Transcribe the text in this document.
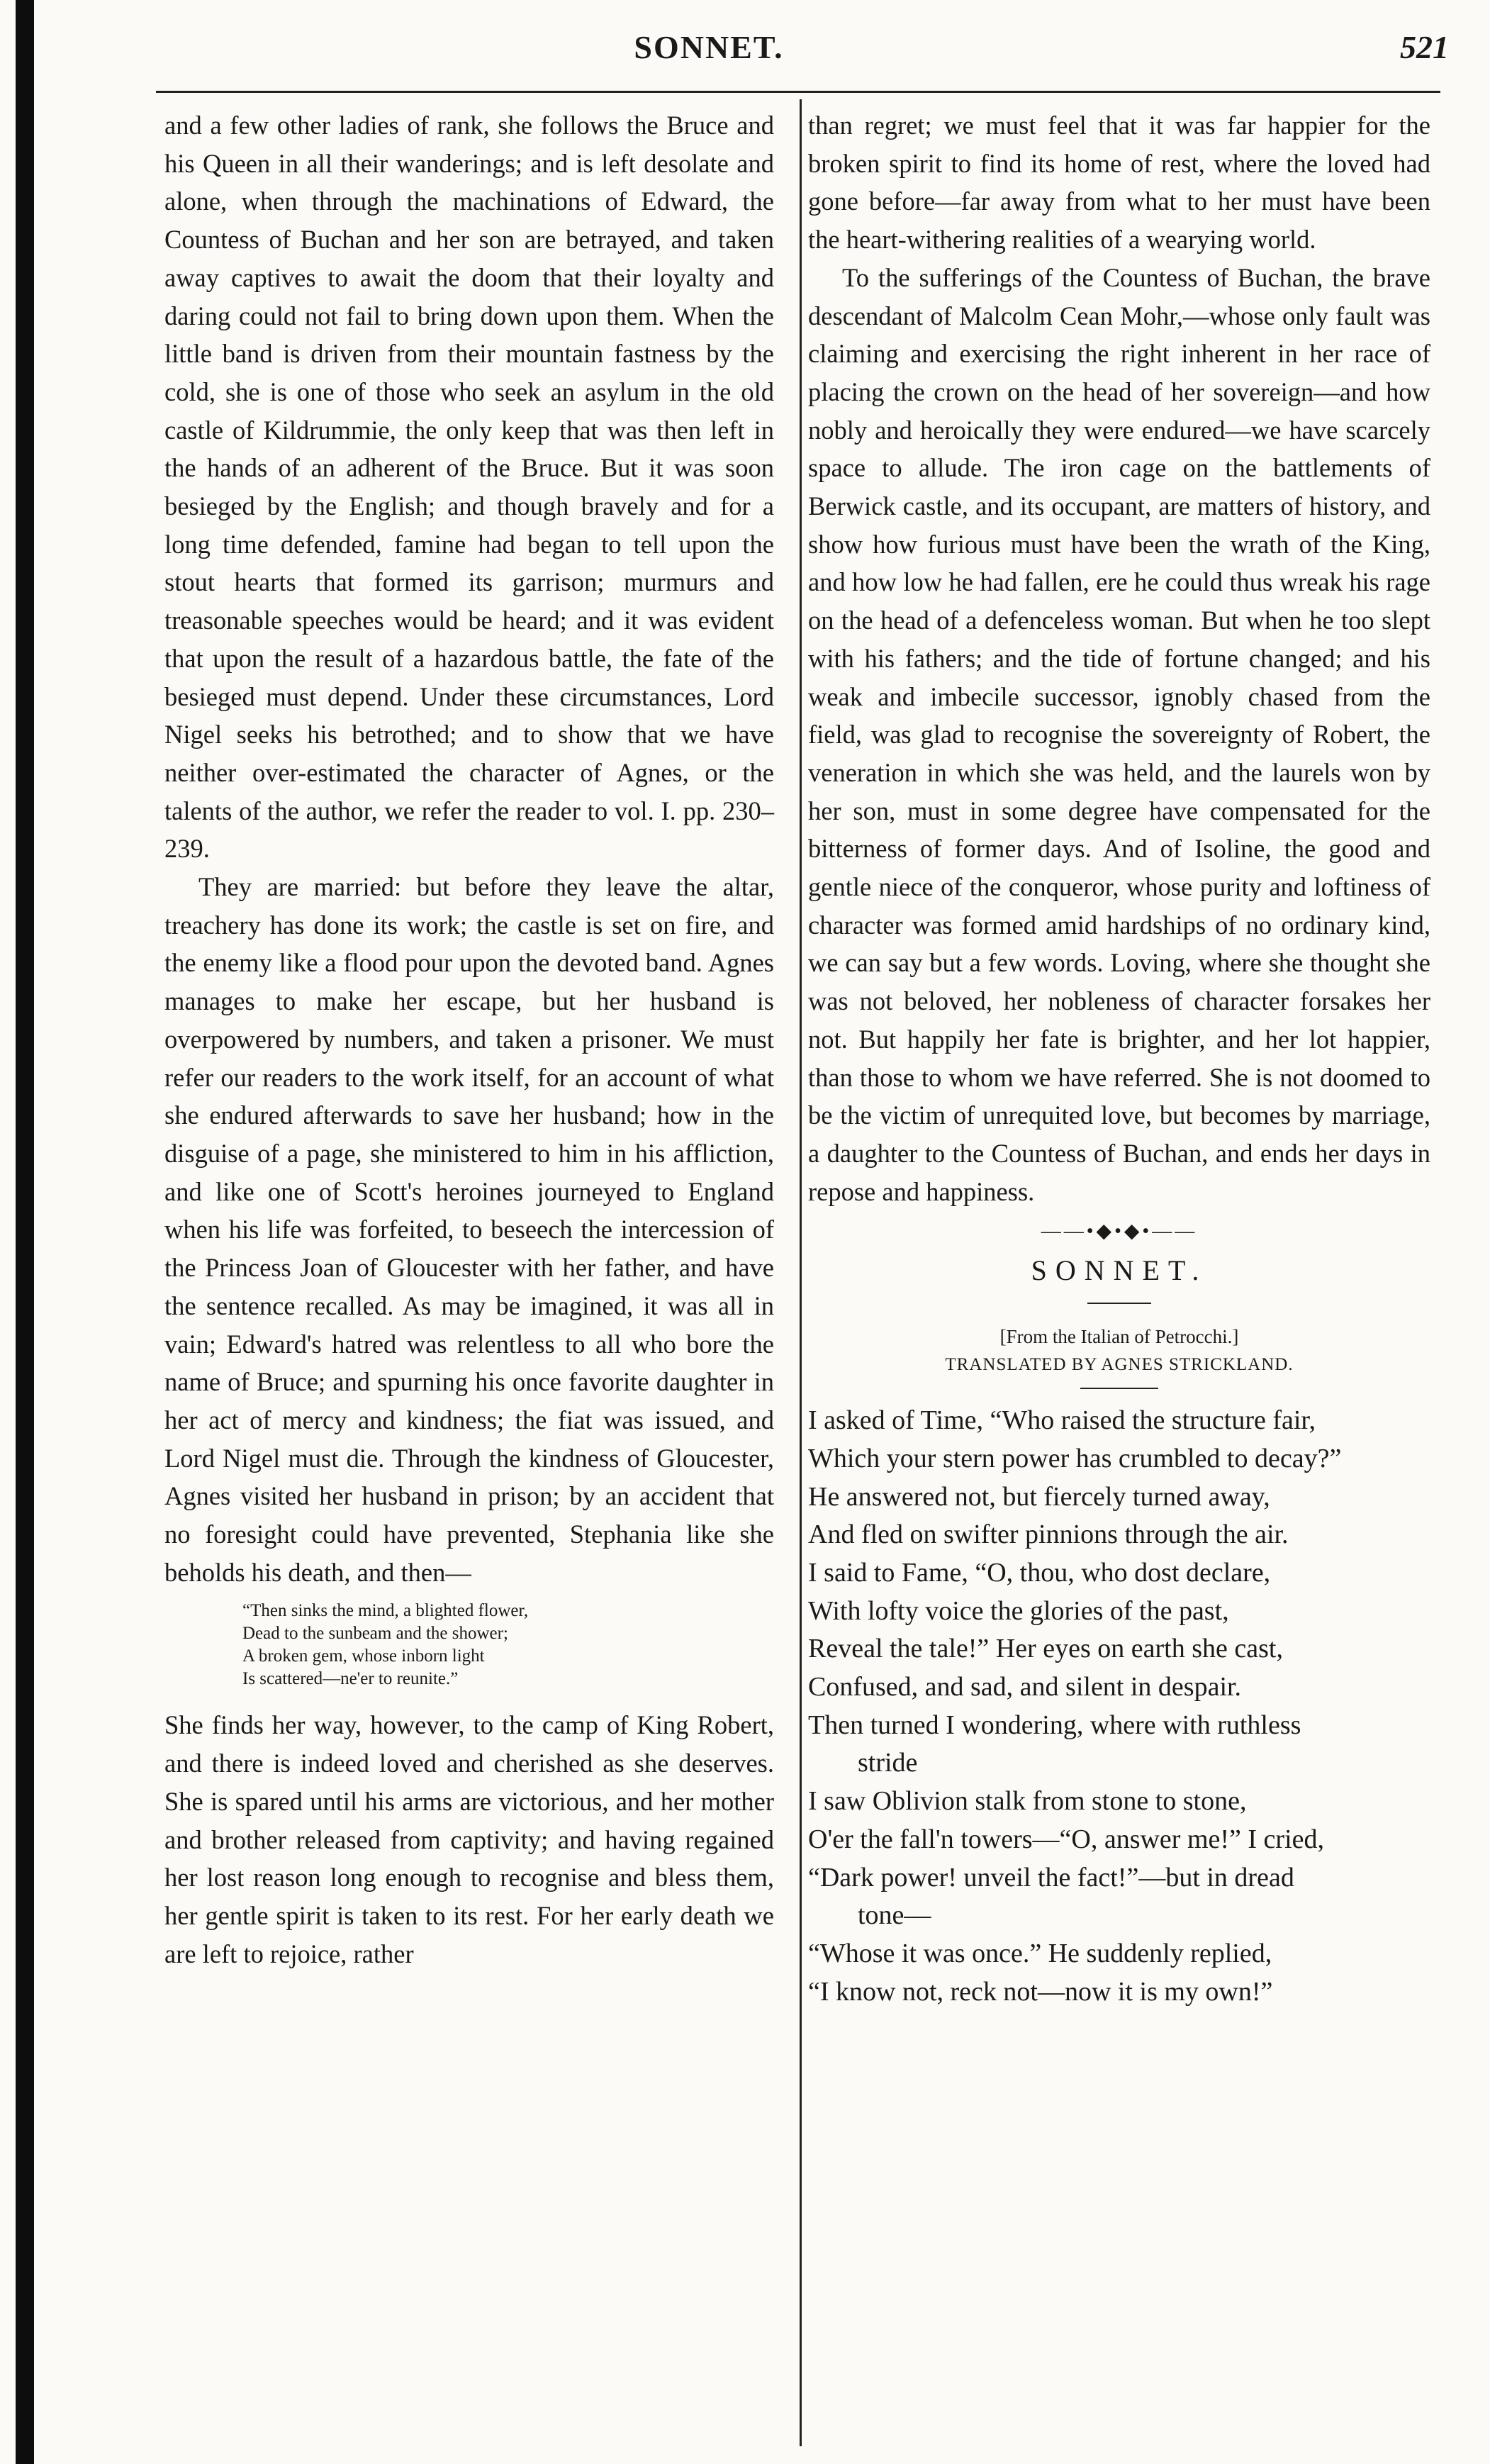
SONNET.	521

and a few other ladies of rank, she follows the Bruce and his Queen in all their wanderings; and is left desolate and alone, when through the machinations of Edward, the Countess of Buchan and her son are betrayed, and taken away captives to await the doom that their loyalty and daring could not fail to bring down upon them. When the little band is driven from their mountain fastness by the cold, she is one of those who seek an asylum in the old castle of Kildrummie, the only keep that was then left in the hands of an adherent of the Bruce. But it was soon besieged by the English; and though bravely and for a long time defended, famine had began to tell upon the stout hearts that formed its garrison; murmurs and treasonable speeches would be heard; and it was evident that upon the result of a hazardous battle, the fate of the besieged must depend. Under these circumstances, Lord Nigel seeks his betrothed; and to show that we have neither over-estimated the character of Agnes, or the talents of the author, we refer the reader to vol. I. pp. 230–239.

They are married: but before they leave the altar, treachery has done its work; the castle is set on fire, and the enemy like a flood pour upon the devoted band. Agnes manages to make her escape, but her husband is overpowered by numbers, and taken a prisoner. We must refer our readers to the work itself, for an account of what she endured afterwards to save her husband; how in the disguise of a page, she ministered to him in his affliction, and like one of Scott's heroines journeyed to England when his life was forfeited, to beseech the intercession of the Princess Joan of Gloucester with her father, and have the sentence recalled. As may be imagined, it was all in vain; Edward's hatred was relentless to all who bore the name of Bruce; and spurning his once favorite daughter in her act of mercy and kindness; the fiat was issued, and Lord Nigel must die. Through the kindness of Gloucester, Agnes visited her husband in prison; by an accident that no foresight could have prevented, Stephania like she beholds his death, and then—

“Then sinks the mind, a blighted flower,
Dead to the sunbeam and the shower;
A broken gem, whose inborn light
Is scattered—ne'er to reunite.”

She finds her way, however, to the camp of King Robert, and there is indeed loved and cherished as she deserves. She is spared until his arms are victorious, and her mother and brother released from captivity; and having regained her lost reason long enough to recognise and bless them, her gentle spirit is taken to its rest. For her early death we are left to rejoice, rather

than regret; we must feel that it was far happier for the broken spirit to find its home of rest, where the loved had gone before—far away from what to her must have been the heart-withering realities of a wearying world.

To the sufferings of the Countess of Buchan, the brave descendant of Malcolm Cean Mohr,—whose only fault was claiming and exercising the right inherent in her race of placing the crown on the head of her sovereign—and how nobly and heroically they were endured—we have scarcely space to allude. The iron cage on the battlements of Berwick castle, and its occupant, are matters of history, and show how furious must have been the wrath of the King, and how low he had fallen, ere he could thus wreak his rage on the head of a defenceless woman. But when he too slept with his fathers; and the tide of fortune changed; and his weak and imbecile successor, ignobly chased from the field, was glad to recognise the sovereignty of Robert, the veneration in which she was held, and the laurels won by her son, must in some degree have compensated for the bitterness of former days. And of Isoline, the good and gentle niece of the conqueror, whose purity and loftiness of character was formed amid hardships of no ordinary kind, we can say but a few words. Loving, where she thought she was not beloved, her nobleness of character forsakes her not. But happily her fate is brighter, and her lot happier, than those to whom we have referred. She is not doomed to be the victim of unrequited love, but becomes by marriage, a daughter to the Countess of Buchan, and ends her days in repose and happiness.

——•◆•◆•——
SONNET.
[From the Italian of Petrocchi.]
TRANSLATED BY AGNES STRICKLAND.
I asked of Time, “Who raised the structure fair,
Which your stern power has crumbled to decay?”
He answered not, but fiercely turned away,
And fled on swifter pinnions through the air.
I said to Fame, “O, thou, who dost declare,
With lofty voice the glories of the past,
Reveal the tale!” Her eyes on earth she cast,
Confused, and sad, and silent in despair.
Then turned I wondering, where with ruthless
stride
I saw Oblivion stalk from stone to stone,
O'er the fall'n towers—“O, answer me!” I cried,
“Dark power! unveil the fact!”—but in dread
tone—
“Whose it was once.” He suddenly replied,
“I know not, reck not—now it is my own!”
